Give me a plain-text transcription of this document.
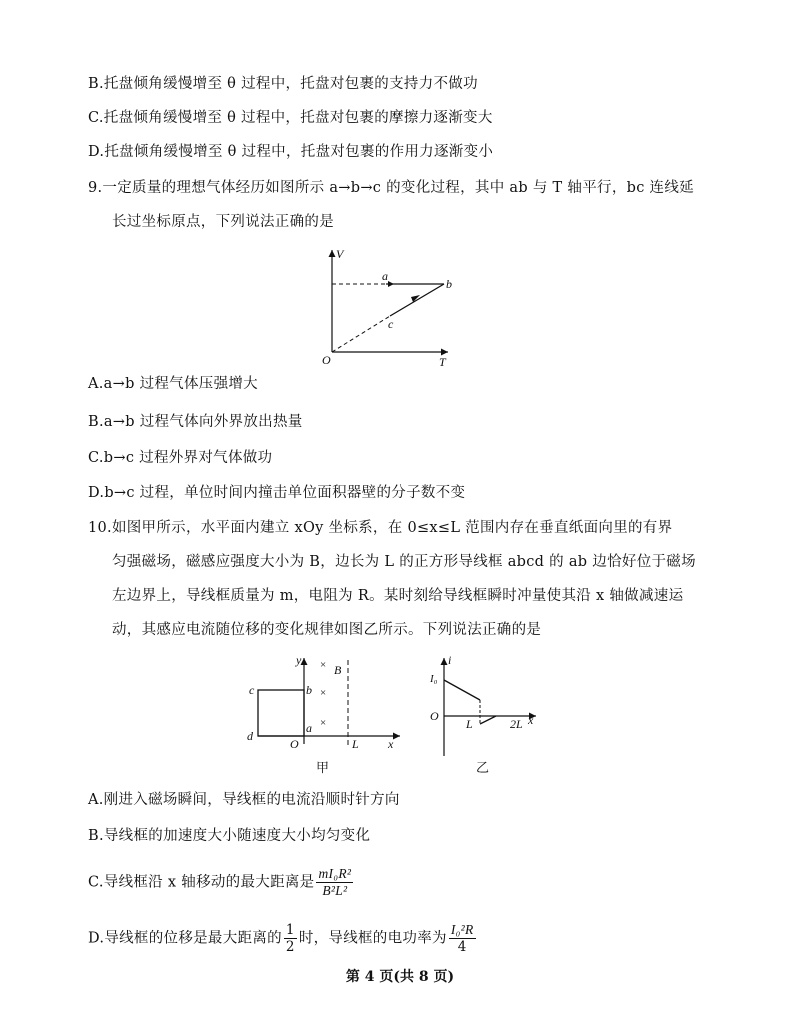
B.托盘倾角缓慢增至 θ 过程中，托盘对包裹的支持力不做功
C.托盘倾角缓慢增至 θ 过程中，托盘对包裹的摩擦力逐渐变大
D.托盘倾角缓慢增至 θ 过程中，托盘对包裹的作用力逐渐变小
9.一定质量的理想气体经历如图所示 a→b→c 的变化过程，其中 ab 与 T 轴平行，bc 连线延
长过坐标原点，下列说法正确的是
V
T
O
a
b
c
A.a→b 过程气体压强增大
B.a→b 过程气体向外界放出热量
C.b→c 过程外界对气体做功
D.b→c 过程，单位时间内撞击单位面积器壁的分子数不变
10.如图甲所示，水平面内建立 xOy 坐标系，在 0≤x≤L 范围内存在垂直纸面向里的有界
匀强磁场，磁感应强度大小为 B，边长为 L 的正方形导线框 abcd 的 ab 边恰好位于磁场
左边界上，导线框质量为 m，电阻为 R。某时刻给导线框瞬时冲量使其沿 x 轴做减速运
动，其感应电流随位移的变化规律如图乙所示。下列说法正确的是
×
×
×
B
y
x
O	L
b
a
c
d
甲
i
I₀
O
L	2L x
乙
A.刚进入磁场瞬间，导线框的电流沿顺时针方向
B.导线框的加速度大小随速度大小均匀变化
C.导线框沿 x 轴移动的最大距离是 $\frac{\text{mI₀R²}}{\text{B²L²}}$
D.导线框的位移是最大距离的 $\frac{1}{2}$ 时，导线框的电功率为 $\frac{\text{I₀²R}}{4}$
第 4 页(共 8 页)
